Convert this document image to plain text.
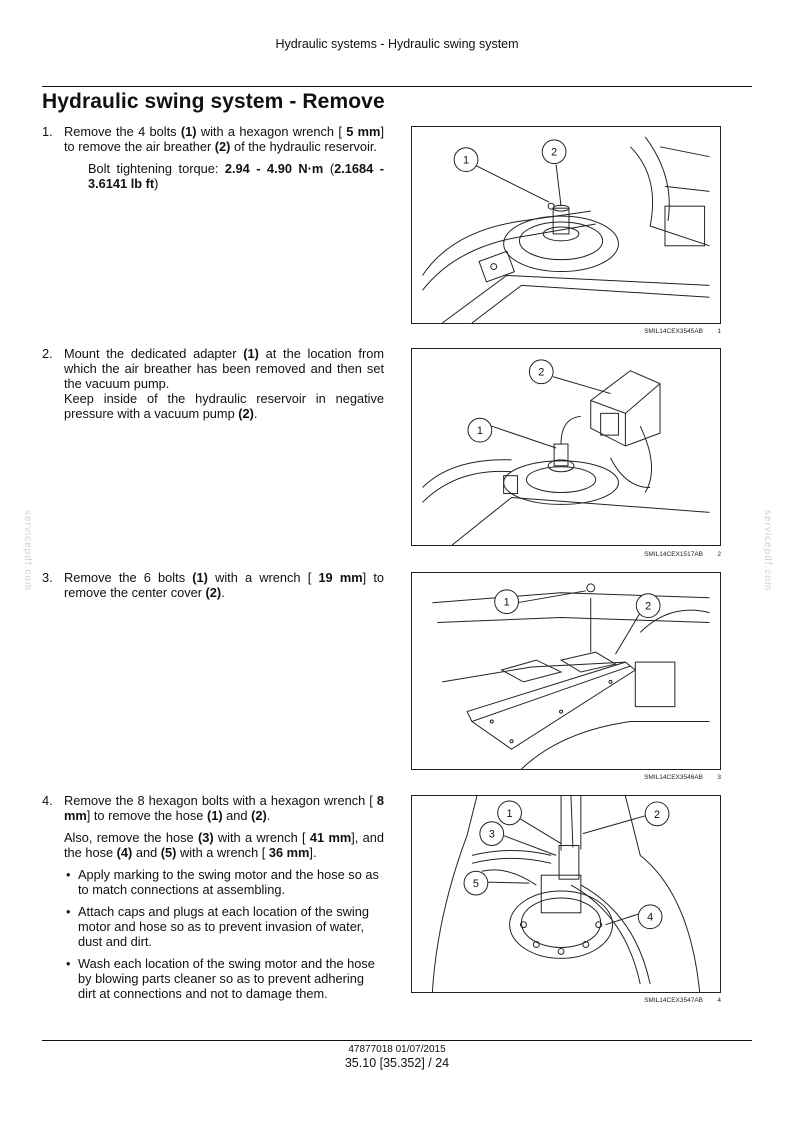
Hydraulic systems - Hydraulic swing system
Hydraulic swing system - Remove
1. Remove the 4 bolts (1) with a hexagon wrench [ 5 mm] to remove the air breather (2) of the hydraulic reservoir.

Bolt tightening torque: 2.94 - 4.90 N·m (2.1684 - 3.6141 lb ft)

2. Mount the dedicated adapter (1) at the location from which the air breather has been removed and then set the vacuum pump.

Keep inside of the hydraulic reservoir in negative pressure with a vacuum pump (2).

3. Remove the 6 bolts (1) with a wrench [ 19 mm] to remove the center cover (2).

4. Remove the 8 hexagon bolts with a hexagon wrench [ 8 mm] to remove the hose (1) and (2).

Also, remove the hose (3) with a wrench [ 41 mm], and the hose (4) and (5) with a wrench [ 36 mm].

• Apply marking to the swing motor and the hose so as to match connections at assembling.
• Attach caps and plugs at each location of the swing motor and hose so as to prevent invasion of water, dust and dirt.
• Wash each location of the swing motor and the hose by blowing parts cleaner so as to prevent adhering dirt at connections and not to damage them.
1
2
SMIL14CEX3545AB 1
2
1
SMIL14CEX1517AB 2
1	2
SMIL14CEX3546AB 3
1	2
3
5
4
SMIL14CEX3547AB 4
servicepdf.com	servicepdf.com
47877018 01/07/2015
35.10 [35.352] / 24
